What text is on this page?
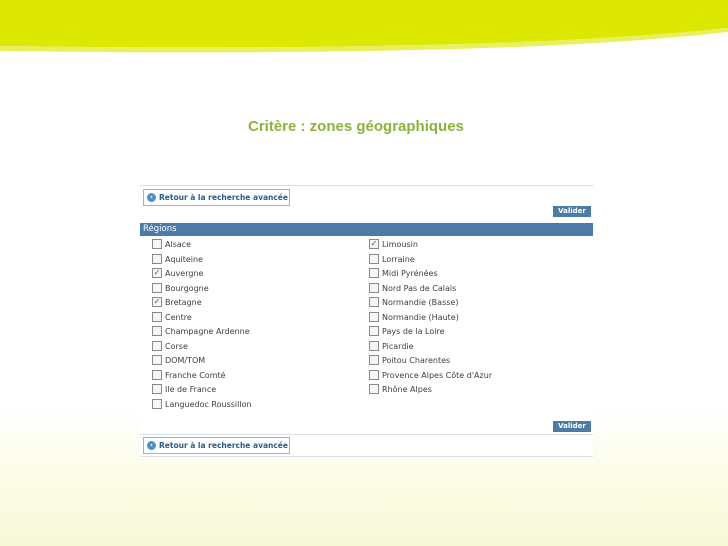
Critère : zones géographiques
‹ Retour à la recherche avancée
Valider
Régions
Alsace
Aquiteine
✓ Auvergne
Bourgogne
✓ Bretagne
Centre
Champagne Ardenne
Corse
DOM/TOM
Franche Comté
Ile de France
Languedoc Roussillon
✓ Limousin
Lorraine
Midi Pyrénées
Nord Pas de Calais
Normandie (Basse)
Normandie (Haute)
Pays de la Loire
Picardie
Poitou Charentes
Provence Alpes Côte d'Azur
Rhône Alpes
Valider
‹ Retour à la recherche avancée
